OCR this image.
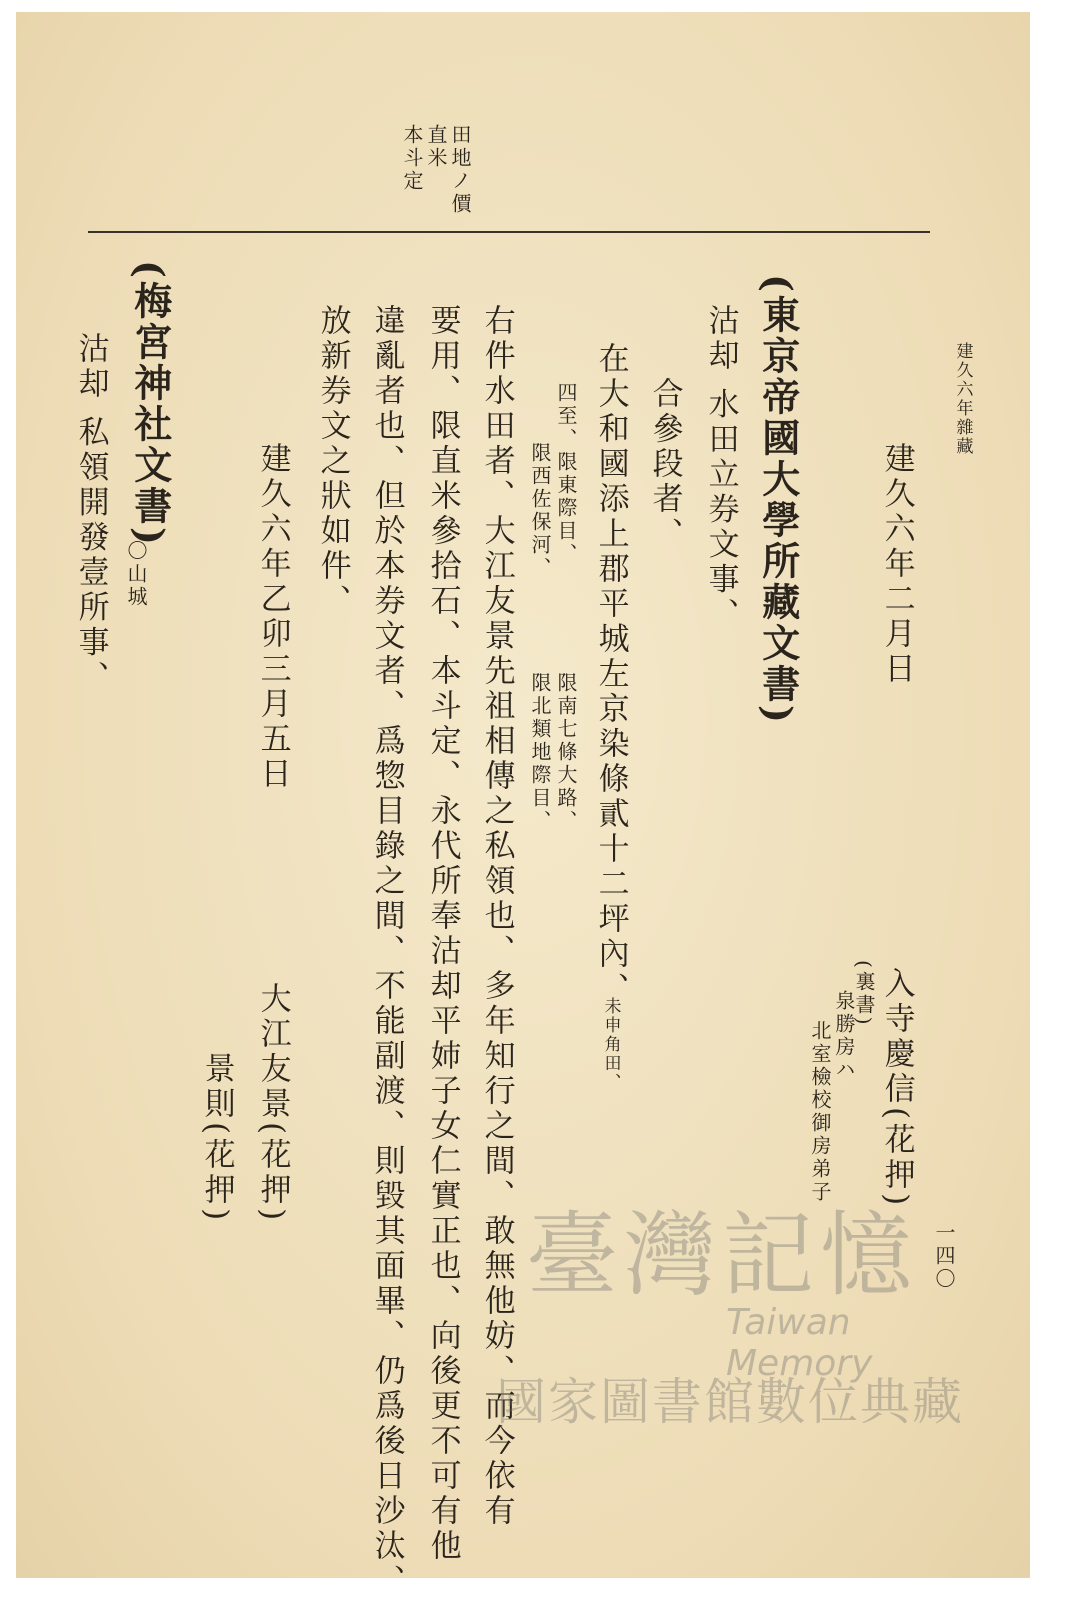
建久六年雜藏
田地ノ價
直米
本斗定
建久六年二月日
入寺慶信(花押)
(裏書)
泉勝房ハ
北室檢校御房弟子
一四〇
(東京帝國大學所藏文書)
沽却 水田立券文事、
合參段者、
在大和國添上郡平城左京染條貳十二坪內、
未申角田、
四至、限東際目、
限南七條大路、
限西佐保河、
限北類地際目、
右件水田者、大江友景先祖相傳之私領也、多年知行之間、敢無他妨、而今依有
要用、限直米參拾石、本斗定、永代所奉沽却平姉子女仁實正也、向後更不可有他
違亂者也、但於本券文者、爲惣目錄之間、不能副渡、則毀其面畢、仍爲後日沙汰、
放新券文之狀如件、
建久六年乙卯三月五日
大江友景(花押)
景則(花押)
(梅宮神社文書)
〇山城
沽却 私領開發壹所事、
臺灣記憶
Taiwan Memory
國家圖書館數位典藏
